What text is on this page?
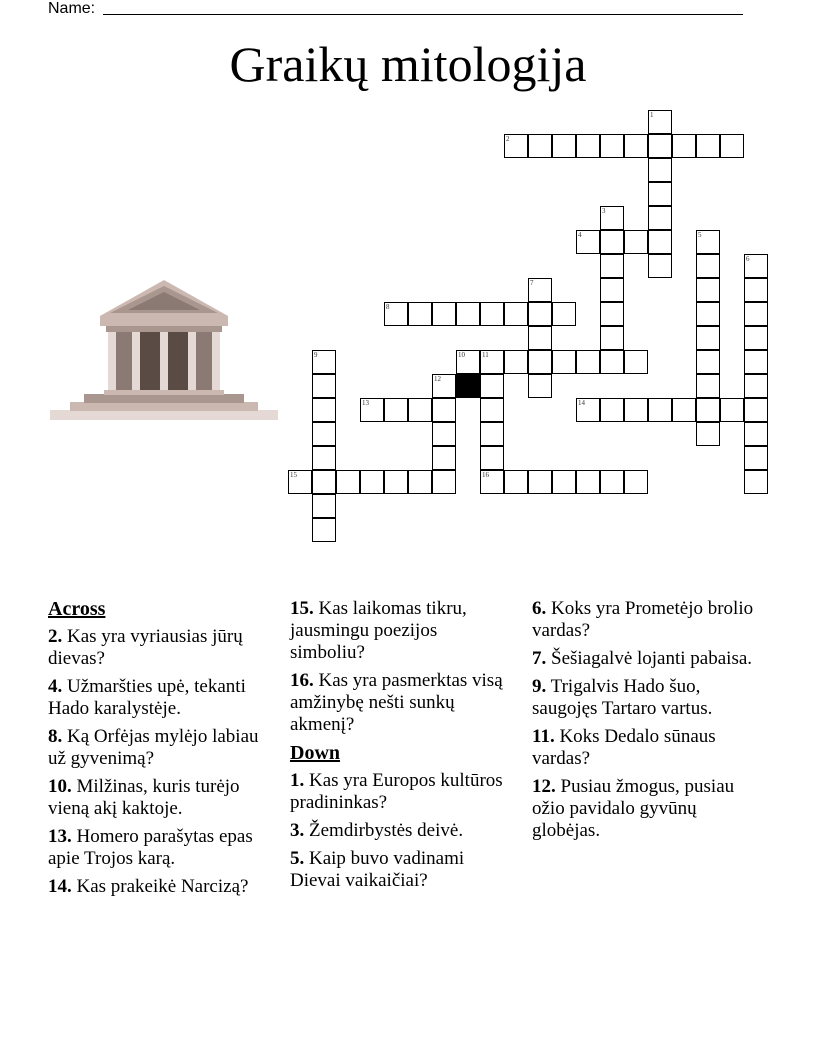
Name:
Graikų mitologija
1
2
3
4	5
6
7
8
9	10 11
12
13	14
15	16
Across
2. Kas yra vyriausias jūrų dievas?
4. Užmaršties upė, tekanti Hado karalystėje.
8. Ką Orfėjas mylėjo labiau už gyvenimą?
10. Milžinas, kuris turėjo vieną akį kaktoje.
13. Homero parašytas epas apie Trojos karą.
14. Kas prakeikė Narcizą?
15. Kas laikomas tikru, jausmingu poezijos simboliu?
16. Kas yra pasmerktas visą amžinybę nešti sunkų akmenį?
Down
1. Kas yra Europos kultūros pradininkas?
3. Žemdirbystės deivė.
5. Kaip buvo vadinami Dievai vaikaičiai?
6. Koks yra Prometėjo brolio vardas?
7. Šešiagalvė lojanti pabaisa.
9. Trigalvis Hado šuo, saugojęs Tartaro vartus.
11. Koks Dedalo sūnaus vardas?
12. Pusiau žmogus, pusiau ožio pavidalo gyvūnų globėjas.
